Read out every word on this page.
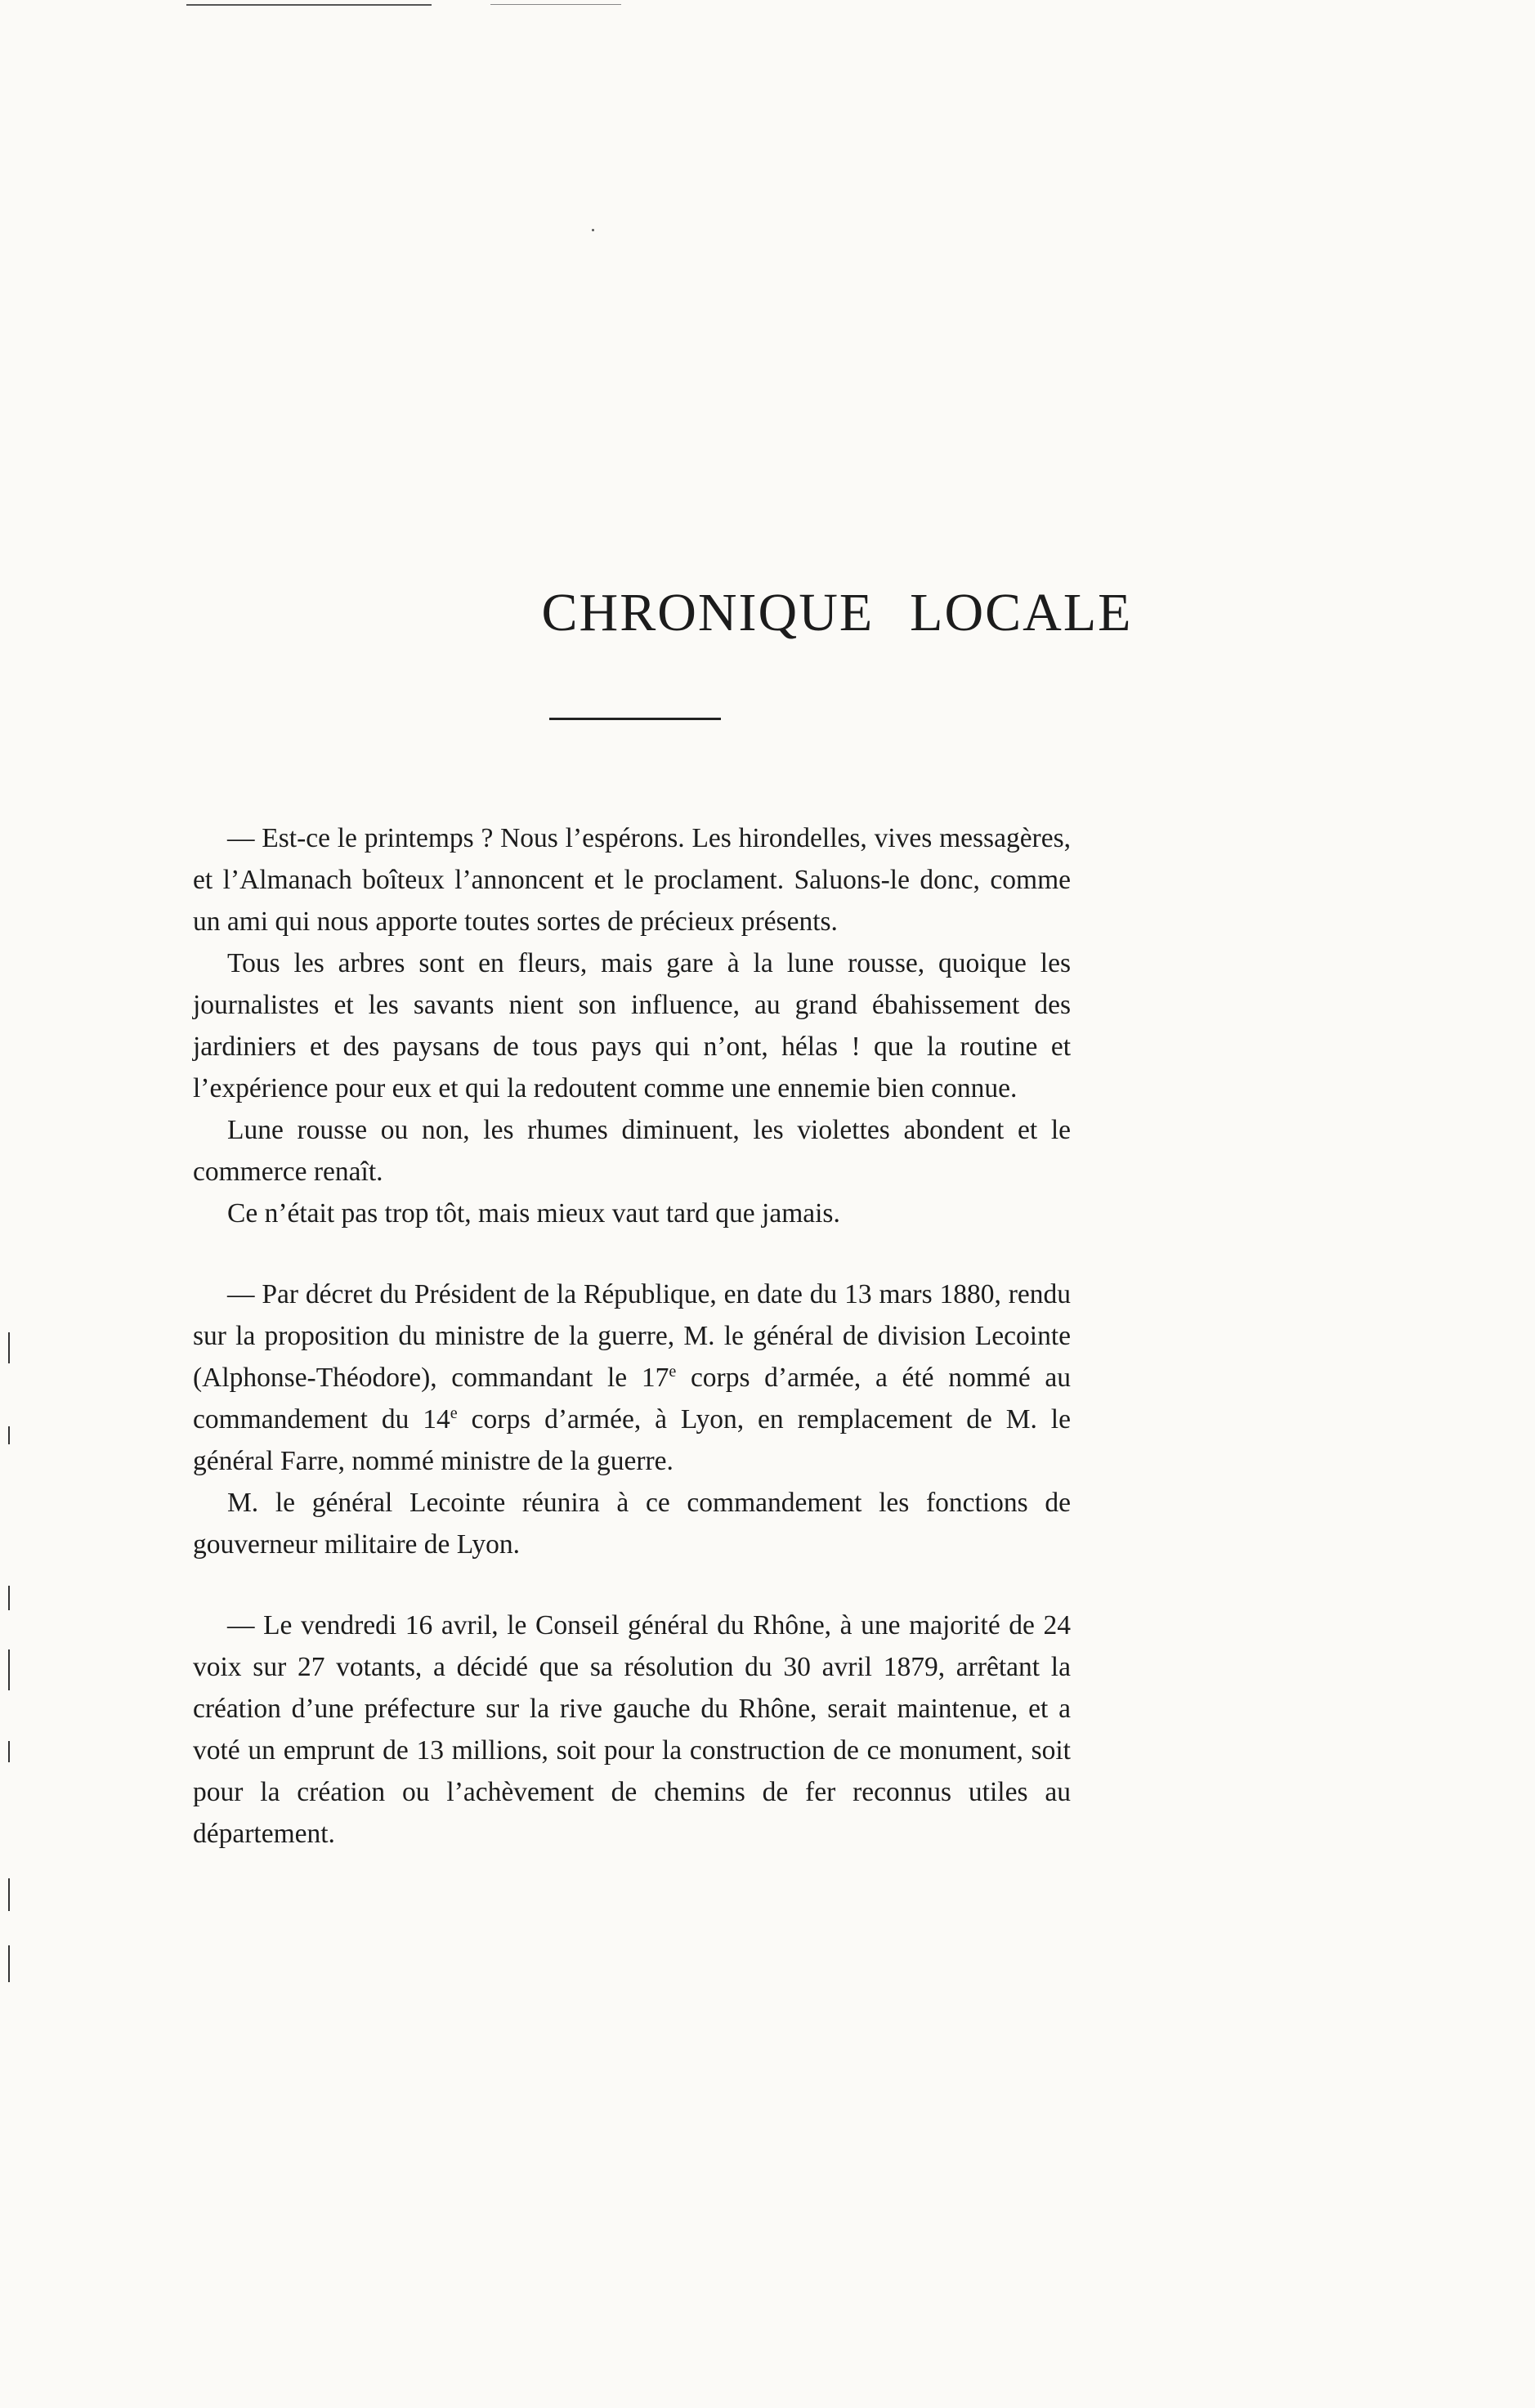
CHRONIQUE LOCALE

— Est-ce le printemps ? Nous l’espérons. Les hirondelles, vives messagères, et l’Almanach boîteux l’annoncent et le proclament. Saluons-le donc, comme un ami qui nous apporte toutes sortes de précieux présents.

Tous les arbres sont en fleurs, mais gare à la lune rousse, quoique les journalistes et les savants nient son influence, au grand ébahissement des jardiniers et des paysans de tous pays qui n’ont, hélas ! que la routine et l’expérience pour eux et qui la redoutent comme une ennemie bien connue.

Lune rousse ou non, les rhumes diminuent, les violettes abondent et le commerce renaît.

Ce n’était pas trop tôt, mais mieux vaut tard que jamais.

— Par décret du Président de la République, en date du 13 mars 1880, rendu sur la proposition du ministre de la guerre, M. le général de division Lecointe (Alphonse-Théodore), commandant le 17e corps d’armée, a été nommé au commandement du 14e corps d’armée, à Lyon, en remplacement de M. le général Farre, nommé ministre de la guerre.

M. le général Lecointe réunira à ce commandement les fonctions de gouverneur militaire de Lyon.

— Le vendredi 16 avril, le Conseil général du Rhône, à une majorité de 24 voix sur 27 votants, a décidé que sa résolution du 30 avril 1879, arrêtant la création d’une préfecture sur la rive gauche du Rhône, serait maintenue, et a voté un emprunt de 13 millions, soit pour la construction de ce monument, soit pour la création ou l’achèvement de chemins de fer reconnus utiles au département.
